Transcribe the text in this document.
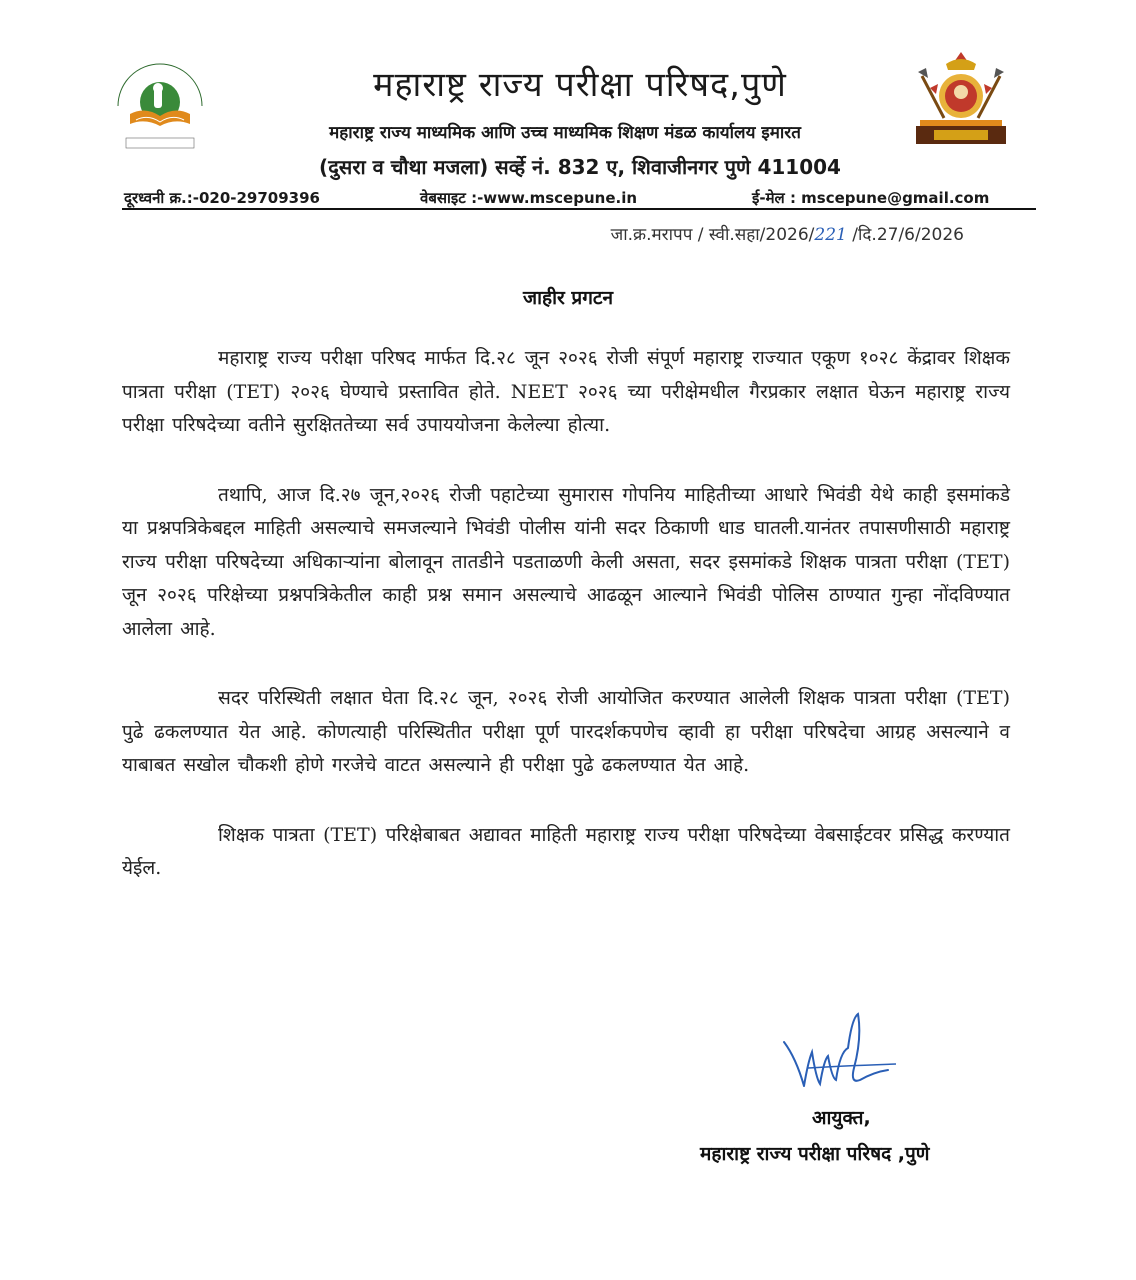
महाराष्ट्र राज्य परीक्षा परिषद,पुणे
महाराष्ट्र राज्य माध्यमिक आणि उच्च माध्यमिक शिक्षण मंडळ कार्यालय इमारत
(दुसरा व चौथा मजला) सर्व्हे नं. 832 ए, शिवाजीनगर पुणे 411004
दूरध्वनी क्र.:-020-29709396	वेबसाइट :-www.mscepune.in	ई-मेल : mscepune@gmail.com
जा.क्र.मरापप / स्वी.सहा/2026/221 /दि.27/6/2026
जाहीर प्रगटन

महाराष्ट्र राज्य परीक्षा परिषद मार्फत दि.२८ जून २०२६ रोजी संपूर्ण महाराष्ट्र राज्यात एकूण १०२८ केंद्रावर शिक्षक पात्रता परीक्षा (TET) २०२६ घेण्याचे प्रस्तावित होते. NEET २०२६ च्या परीक्षेमधील गैरप्रकार लक्षात घेऊन महाराष्ट्र राज्य परीक्षा परिषदेच्या वतीने सुरक्षिततेच्या सर्व उपाययोजना केलेल्या होत्या.

तथापि, आज दि.२७ जून,२०२६ रोजी पहाटेच्या सुमारास गोपनिय माहितीच्या आधारे भिवंडी येथे काही इसमांकडे या प्रश्नपत्रिकेबद्दल माहिती असल्याचे समजल्याने भिवंडी पोलीस यांनी सदर ठिकाणी धाड घातली.यानंतर तपासणीसाठी महाराष्ट्र राज्य परीक्षा परिषदेच्या अधिकाऱ्यांना बोलावून तातडीने पडताळणी केली असता, सदर इसमांकडे शिक्षक पात्रता परीक्षा (TET) जून २०२६ परिक्षेच्या प्रश्नपत्रिकेतील काही प्रश्न समान असल्याचे आढळून आल्याने भिवंडी पोलिस ठाण्यात गुन्हा नोंदविण्यात आलेला आहे.

सदर परिस्थिती लक्षात घेता दि.२८ जून, २०२६ रोजी आयोजित करण्यात आलेली शिक्षक पात्रता परीक्षा (TET) पुढे ढकलण्यात येत आहे. कोणत्याही परिस्थितीत परीक्षा पूर्ण पारदर्शकपणेच व्हावी हा परीक्षा परिषदेचा आग्रह असल्याने व याबाबत सखोल चौकशी होणे गरजेचे वाटत असल्याने ही परीक्षा पुढे ढकलण्यात येत आहे.

शिक्षक पात्रता (TET) परिक्षेबाबत अद्यावत माहिती महाराष्ट्र राज्य परीक्षा परिषदेच्या वेबसाईटवर प्रसिद्ध करण्यात येईल.

आयुक्त,
महाराष्ट्र राज्य परीक्षा परिषद ,पुणे
